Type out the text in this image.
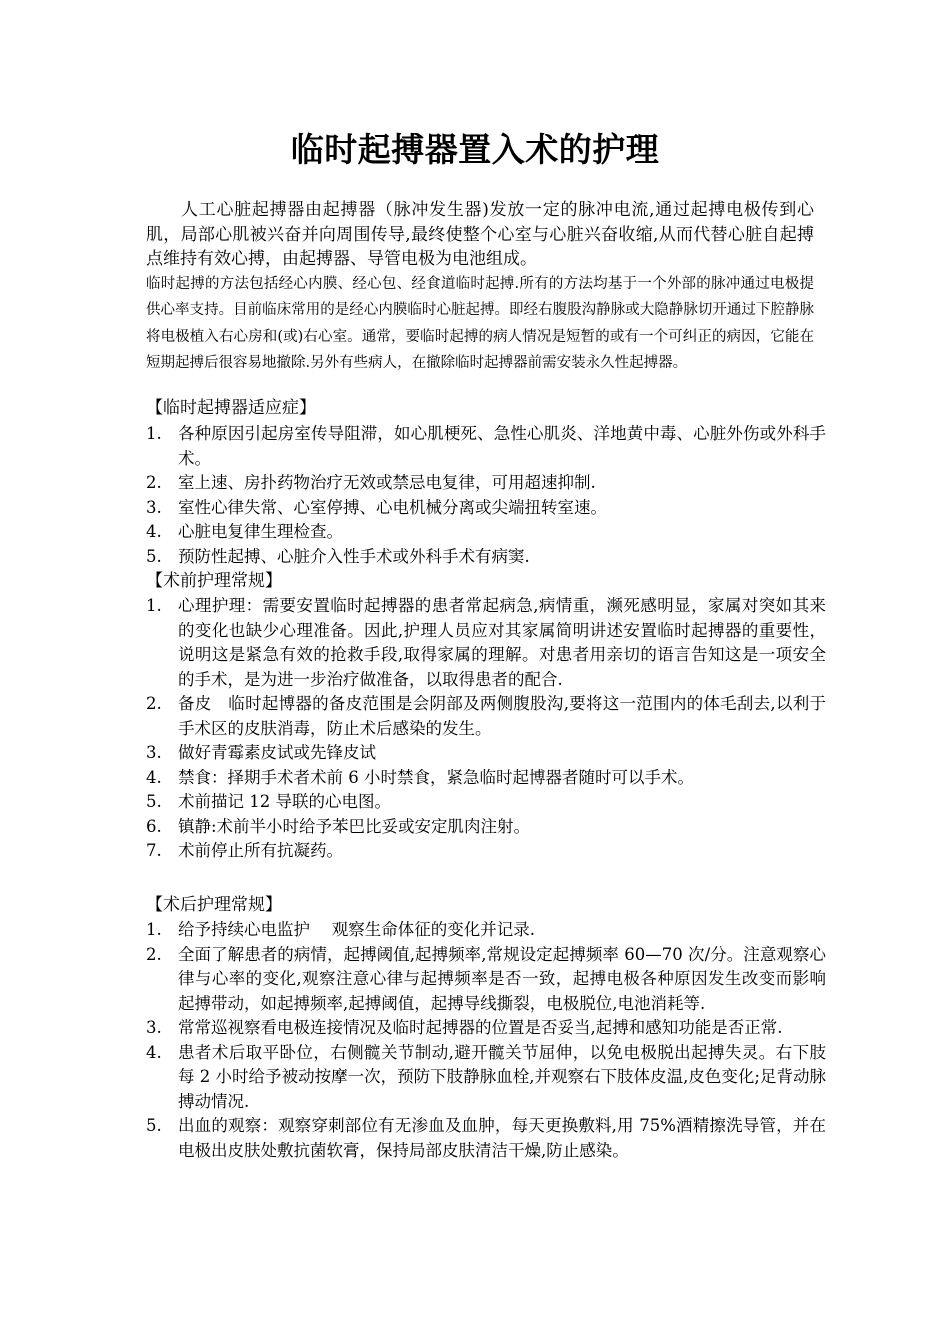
临时起搏器置入术的护理
人工心脏起搏器由起搏器（脉冲发生器)发放一定的脉冲电流,通过起搏电极传到心肌，局部心肌被兴奋并向周围传导,最终使整个心室与心脏兴奋收缩,从而代替心脏自起搏点维持有效心搏，由起搏器、导管电极为电池组成。
临时起搏的方法包括经心内膜、经心包、经食道临时起搏.所有的方法均基于一个外部的脉冲通过电极提供心率支持。目前临床常用的是经心内膜临时心脏起搏。即经右腹股沟静脉或大隐静脉切开通过下腔静脉将电极植入右心房和(或)右心室。通常，要临时起搏的病人情况是短暂的或有一个可纠正的病因，它能在短期起搏后很容易地撤除.另外有些病人，在撤除临时起搏器前需安装永久性起搏器。
【临时起搏器适应症】
1. 各种原因引起房室传导阻滞，如心肌梗死、急性心肌炎、洋地黄中毒、心脏外伤或外科手术。
2. 室上速、房扑药物治疗无效或禁忌电复律，可用超速抑制.
3. 室性心律失常、心室停搏、心电机械分离或尖端扭转室速。
4. 心脏电复律生理检查。
5. 预防性起搏、心脏介入性手术或外科手术有病窦.
【术前护理常规】
1. 心理护理：需要安置临时起搏器的患者常起病急,病情重，濒死感明显，家属对突如其来的变化也缺少心理准备。因此,护理人员应对其家属简明讲述安置临时起搏器的重要性，说明这是紧急有效的抢救手段,取得家属的理解。对患者用亲切的语言告知这是一项安全的手术，是为进一步治疗做准备，以取得患者的配合.
2. 备皮　临时起博器的备皮范围是会阴部及两侧腹股沟,要将这一范围内的体毛刮去,以利于手术区的皮肤消毒，防止术后感染的发生。
3. 做好青霉素皮试或先锋皮试
4. 禁食：择期手术者术前 6 小时禁食，紧急临时起博器者随时可以手术。
5. 术前描记 12 导联的心电图。
6. 镇静:术前半小时给予苯巴比妥或安定肌肉注射。
7. 术前停止所有抗凝药。
【术后护理常规】
1. 给予持续心电监护　 观察生命体征的变化并记录.
2. 全面了解患者的病情，起搏阈值,起搏频率,常规设定起搏频率 60—70 次/分。注意观察心律与心率的变化,观察注意心律与起搏频率是否一致，起搏电极各种原因发生改变而影响起搏带动，如起搏频率,起搏阈值，起搏导线撕裂，电极脱位,电池消耗等.
3. 常常巡视察看电极连接情况及临时起搏器的位置是否妥当,起搏和感知功能是否正常.
4. 患者术后取平卧位，右侧髋关节制动,避开髋关节屈伸，以免电极脱出起搏失灵。右下肢每 2 小时给予被动按摩一次，预防下肢静脉血栓,并观察右下肢体皮温,皮色变化;足背动脉搏动情况.
5. 出血的观察：观察穿刺部位有无渗血及血肿，每天更换敷料,用 75%酒精擦洗导管，并在电极出皮肤处敷抗菌软膏，保持局部皮肤清洁干燥,防止感染。
